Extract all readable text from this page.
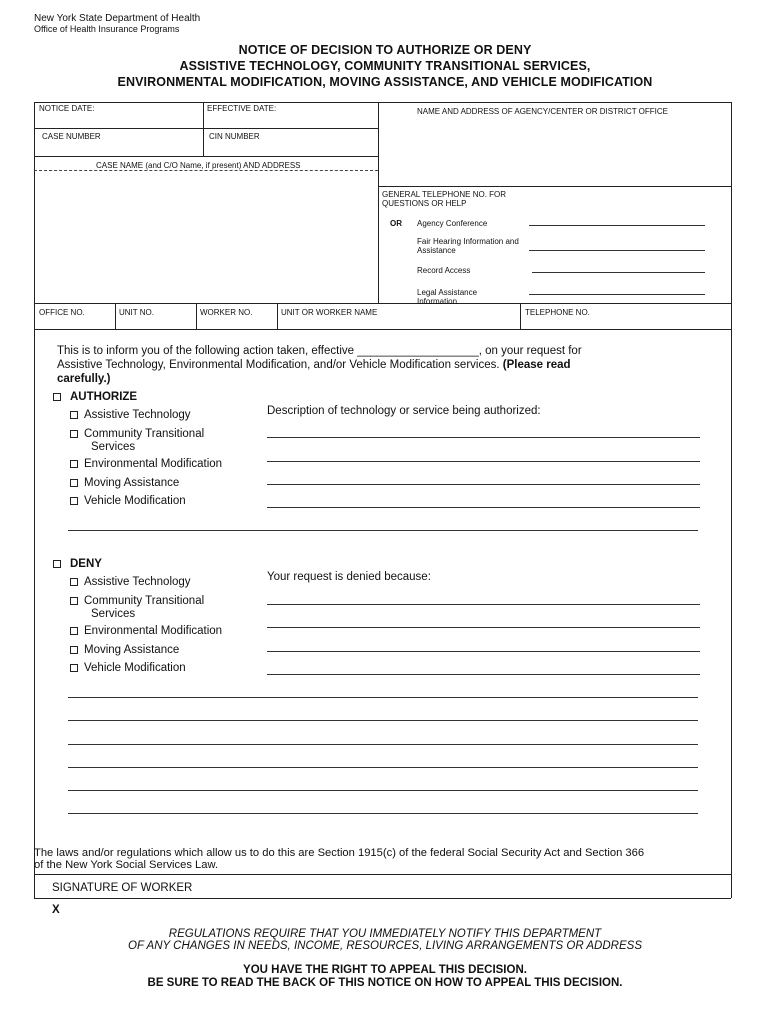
New York State Department of Health
Office of Health Insurance Programs
NOTICE OF DECISION TO AUTHORIZE OR DENY
ASSISTIVE TECHNOLOGY, COMMUNITY TRANSITIONAL SERVICES,
ENVIRONMENTAL MODIFICATION, MOVING ASSISTANCE, AND VEHICLE MODIFICATION
NOTICE DATE:	EFFECTIVE DATE:	NAME AND ADDRESS OF AGENCY/CENTER OR DISTRICT OFFICE
CASE NUMBER	CIN NUMBER
CASE NAME (and C/O Name, if present) AND ADDRESS
GENERAL TELEPHONE NO. FOR QUESTIONS OR HELP
OR Agency Conference
Fair Hearing Information and Assistance
Record Access
Legal Assistance Information
OFFICE NO.	UNIT NO.	WORKER NO.	UNIT OR WORKER NAME	TELEPHONE NO.
This is to inform you of the following action taken, effective ___________________, on your request for
Assistive Technology, Environmental Modification, and/or Vehicle Modification services. (Please read
carefully.)
AUTHORIZE
Description of technology or service being authorized:
Assistive Technology
Community Transitional
Services
Environmental Modification
Moving Assistance
Vehicle Modification
DENY
Your request is denied because:
Assistive Technology
Community Transitional
Services
Environmental Modification
Moving Assistance
Vehicle Modification
The laws and/or regulations which allow us to do this are Section 1915(c) of the federal Social Security Act and Section 366
of the New York Social Services Law.
SIGNATURE OF WORKER
X
REGULATIONS REQUIRE THAT YOU IMMEDIATELY NOTIFY THIS DEPARTMENT
OF ANY CHANGES IN NEEDS, INCOME, RESOURCES, LIVING ARRANGEMENTS OR ADDRESS
YOU HAVE THE RIGHT TO APPEAL THIS DECISION.
BE SURE TO READ THE BACK OF THIS NOTICE ON HOW TO APPEAL THIS DECISION.
